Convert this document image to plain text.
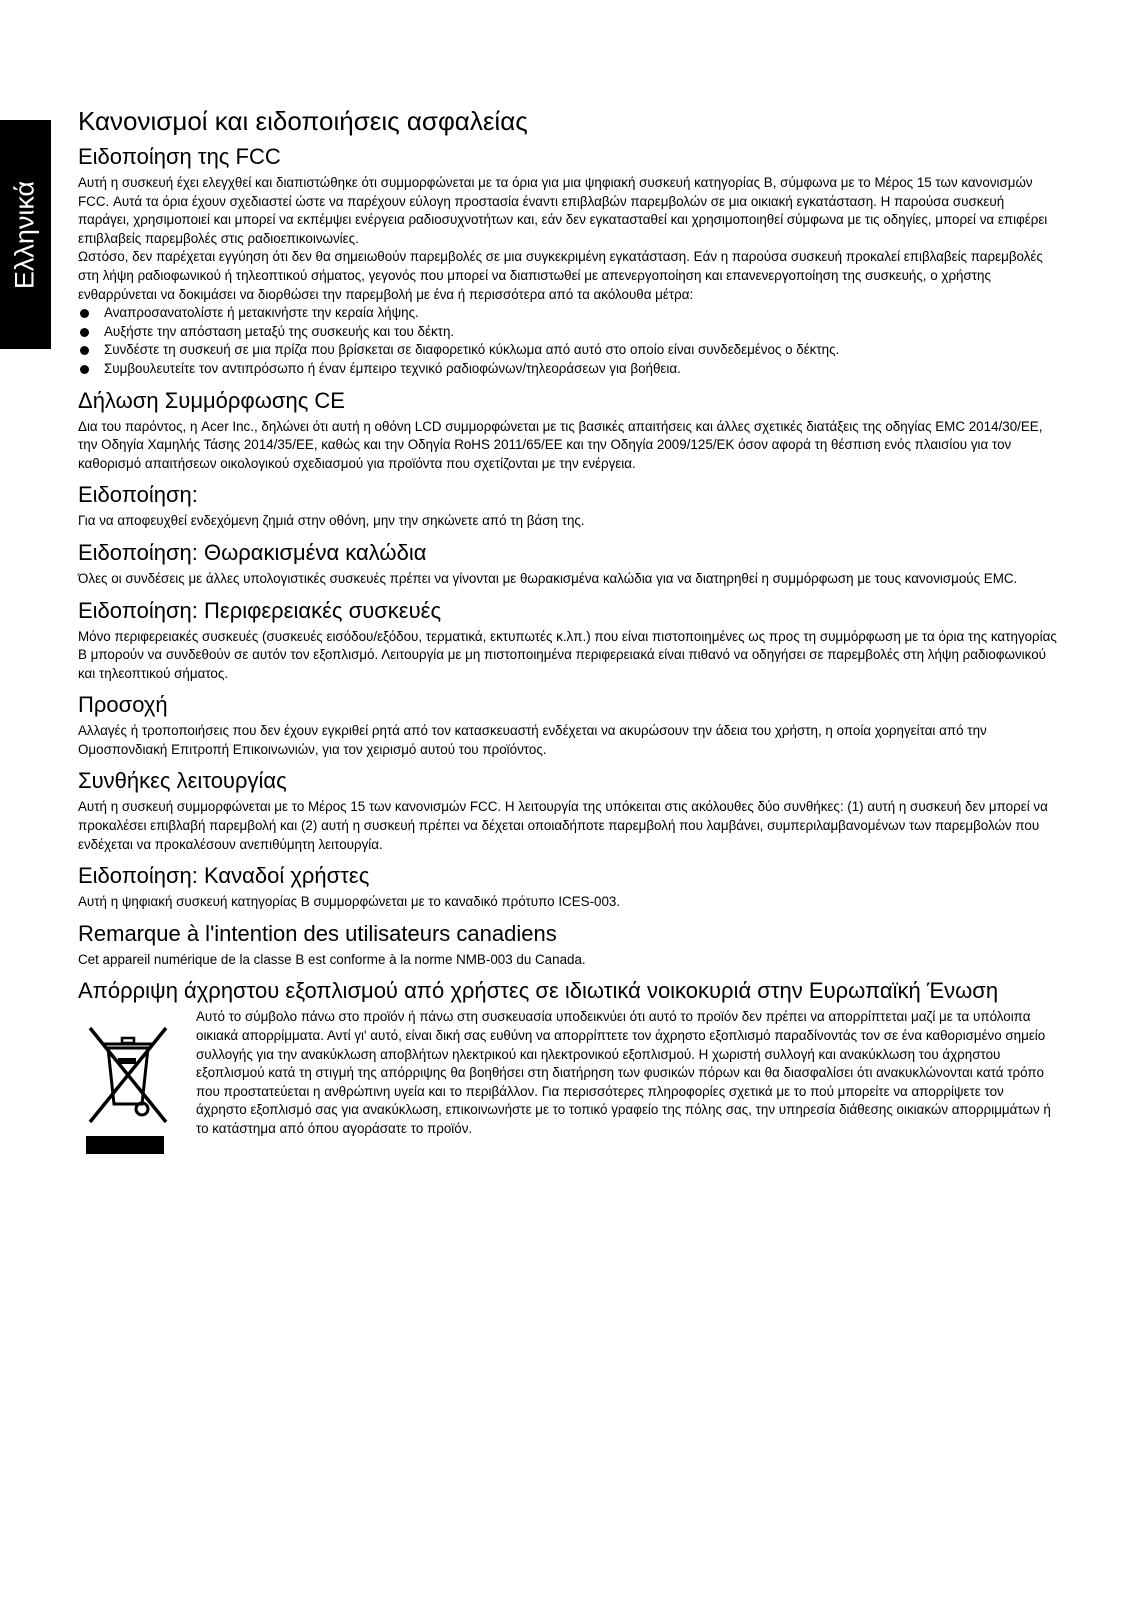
Ελληνικά
Κανονισμοί και ειδοποιήσεις ασφαλείας
Ειδοποίηση της FCC

Αυτή η συσκευή έχει ελεγχθεί και διαπιστώθηκε ότι συμμορφώνεται με τα όρια για μια ψηφιακή συσκευή κατηγορίας B, σύμφωνα με το Μέρος 15 των κανονισμών FCC. Αυτά τα όρια έχουν σχεδιαστεί ώστε να παρέχουν εύλογη προστασία έναντι επιβλαβών παρεμβολών σε μια οικιακή εγκατάσταση. Η παρούσα συσκευή παράγει, χρησιμοποιεί και μπορεί να εκπέμψει ενέργεια ραδιοσυχνοτήτων και, εάν δεν εγκατασταθεί και χρησιμοποιηθεί σύμφωνα με τις οδηγίες, μπορεί να επιφέρει επιβλαβείς παρεμβολές στις ραδιοεπικοινωνίες.

Ωστόσο, δεν παρέχεται εγγύηση ότι δεν θα σημειωθούν παρεμβολές σε μια συγκεκριμένη εγκατάσταση. Εάν η παρούσα συσκευή προκαλεί επιβλαβείς παρεμβολές στη λήψη ραδιοφωνικού ή τηλεοπτικού σήματος, γεγονός που μπορεί να διαπιστωθεί με απενεργοποίηση και επανενεργοποίηση της συσκευής, ο χρήστης ενθαρρύνεται να δοκιμάσει να διορθώσει την παρεμβολή με ένα ή περισσότερα από τα ακόλουθα μέτρα:

Αναπροσανατολίστε ή μετακινήστε την κεραία λήψης.
Αυξήστε την απόσταση μεταξύ της συσκευής και του δέκτη.
Συνδέστε τη συσκευή σε μια πρίζα που βρίσκεται σε διαφορετικό κύκλωμα από αυτό στο οποίο είναι συνδεδεμένος ο δέκτης.
Συμβουλευτείτε τον αντιπρόσωπο ή έναν έμπειρο τεχνικό ραδιοφώνων/τηλεοράσεων για βοήθεια.
Δήλωση Συμμόρφωσης CE

Δια του παρόντος, η Acer Inc., δηλώνει ότι αυτή η οθόνη LCD συμμορφώνεται με τις βασικές απαιτήσεις και άλλες σχετικές διατάξεις της οδηγίας EMC 2014/30/EE, την Οδηγία Χαμηλής Τάσης 2014/35/EE, καθώς και την Οδηγία RoHS 2011/65/EE και την Οδηγία 2009/125/EK όσον αφορά τη θέσπιση ενός πλαισίου για τον καθορισμό απαιτήσεων οικολογικού σχεδιασμού για προϊόντα που σχετίζονται με την ενέργεια.

Ειδοποίηση:

Για να αποφευχθεί ενδεχόμενη ζημιά στην οθόνη, μην την σηκώνετε από τη βάση της.

Ειδοποίηση: Θωρακισμένα καλώδια

Όλες οι συνδέσεις με άλλες υπολογιστικές συσκευές πρέπει να γίνονται με θωρακισμένα καλώδια για να διατηρηθεί η συμμόρφωση με τους κανονισμούς EMC.

Ειδοποίηση: Περιφερειακές συσκευές

Μόνο περιφερειακές συσκευές (συσκευές εισόδου/εξόδου, τερματικά, εκτυπωτές κ.λπ.) που είναι πιστοποιημένες ως προς τη συμμόρφωση με τα όρια της κατηγορίας B μπορούν να συνδεθούν σε αυτόν τον εξοπλισμό. Λειτουργία με μη πιστοποιημένα περιφερειακά είναι πιθανό να οδηγήσει σε παρεμβολές στη λήψη ραδιοφωνικού και τηλεοπτικού σήματος.

Προσοχή

Αλλαγές ή τροποποιήσεις που δεν έχουν εγκριθεί ρητά από τον κατασκευαστή ενδέχεται να ακυρώσουν την άδεια του χρήστη, η οποία χορηγείται από την Ομοσπονδιακή Επιτροπή Επικοινωνιών, για τον χειρισμό αυτού του προϊόντος.

Συνθήκες λειτουργίας

Αυτή η συσκευή συμμορφώνεται με το Μέρος 15 των κανονισμών FCC. Η λειτουργία της υπόκειται στις ακόλουθες δύο συνθήκες: (1) αυτή η συσκευή δεν μπορεί να προκαλέσει επιβλαβή παρεμβολή και (2) αυτή η συσκευή πρέπει να δέχεται οποιαδήποτε παρεμβολή που λαμβάνει, συμπεριλαμβανομένων των παρεμβολών που ενδέχεται να προκαλέσουν ανεπιθύμητη λειτουργία.

Ειδοποίηση: Καναδοί χρήστες

Αυτή η ψηφιακή συσκευή κατηγορίας B συμμορφώνεται με το καναδικό πρότυπο ICES-003.

Remarque à l'intention des utilisateurs canadiens

Cet appareil numérique de la classe B est conforme à la norme NMB-003 du Canada.

Απόρριψη άχρηστου εξοπλισμού από χρήστες σε ιδιωτικά νοικοκυριά στην Ευρωπαϊκή Ένωση

Αυτό το σύμβολο πάνω στο προϊόν ή πάνω στη συσκευασία υποδεικνύει ότι αυτό το προϊόν δεν πρέπει να απορρίπτεται μαζί με τα υπόλοιπα οικιακά απορρίμματα. Αντί γι' αυτό, είναι δική σας ευθύνη να απορρίπτετε τον άχρηστο εξοπλισμό παραδίνοντάς τον σε ένα καθορισμένο σημείο συλλογής για την ανακύκλωση αποβλήτων ηλεκτρικού και ηλεκτρονικού εξοπλισμού. Η χωριστή συλλογή και ανακύκλωση του άχρηστου εξοπλισμού κατά τη στιγμή της απόρριψης θα βοηθήσει στη διατήρηση των φυσικών πόρων και θα διασφαλίσει ότι ανακυκλώνονται κατά τρόπο που προστατεύεται η ανθρώπινη υγεία και το περιβάλλον. Για περισσότερες πληροφορίες σχετικά με το πού μπορείτε να απορρίψετε τον άχρηστο εξοπλισμό σας για ανακύκλωση, επικοινωνήστε με το τοπικό γραφείο της πόλης σας, την υπηρεσία διάθεσης οικιακών απορριμμάτων ή το κατάστημα από όπου αγοράσατε το προϊόν.
